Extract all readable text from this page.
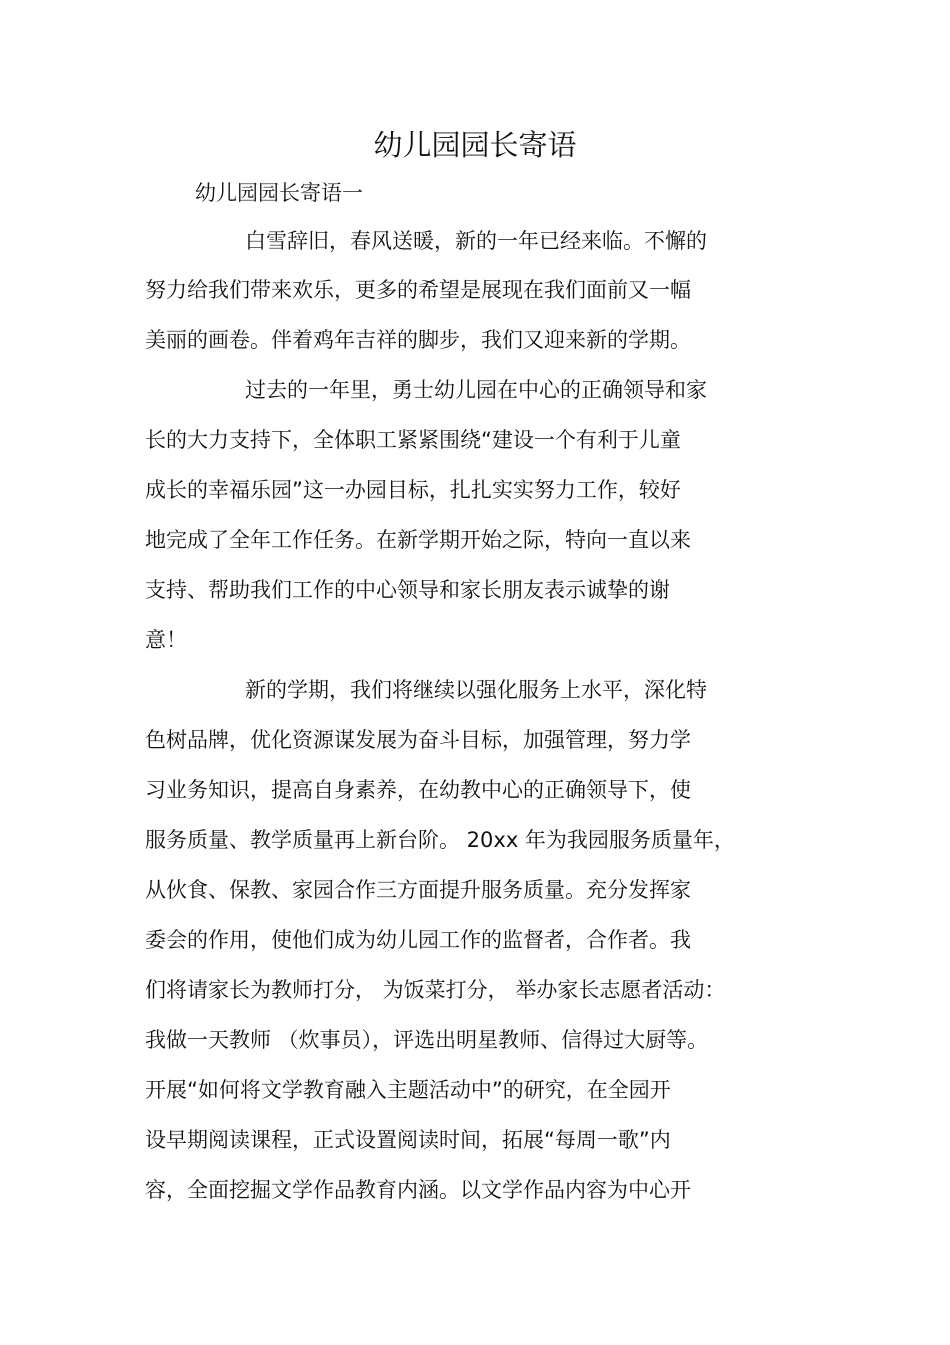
幼儿园园长寄语
幼儿园园长寄语一
白雪辞旧，春风送暖，新的一年已经来临。不懈的
努力给我们带来欢乐，更多的希望是展现在我们面前又一幅
美丽的画卷。伴着鸡年吉祥的脚步，我们又迎来新的学期。
过去的一年里，勇士幼儿园在中心的正确领导和家
长的大力支持下，全体职工紧紧围绕“建设一个有利于儿童
成长的幸福乐园”这一办园目标，扎扎实实努力工作，较好
地完成了全年工作任务。在新学期开始之际，特向一直以来
支持、帮助我们工作的中心领导和家长朋友表示诚挚的谢
意！
新的学期，我们将继续以强化服务上水平，深化特
色树品牌，优化资源谋发展为奋斗目标，加强管理，努力学
习业务知识，提高自身素养，在幼教中心的正确领导下，使
服务质量、教学质量再上新台阶。 20xx 年为我园服务质量年，
从伙食、保教、家园合作三方面提升服务质量。充分发挥家
委会的作用，使他们成为幼儿园工作的监督者，合作者。我
们将请家长为教师打分， 为饭菜打分， 举办家长志愿者活动：
我做一天教师 （炊事员），评选出明星教师、信得过大厨等。
开展“如何将文学教育融入主题活动中”的研究，在全园开
设早期阅读课程，正式设置阅读时间，拓展“每周一歌”内
容，全面挖掘文学作品教育内涵。以文学作品内容为中心开
